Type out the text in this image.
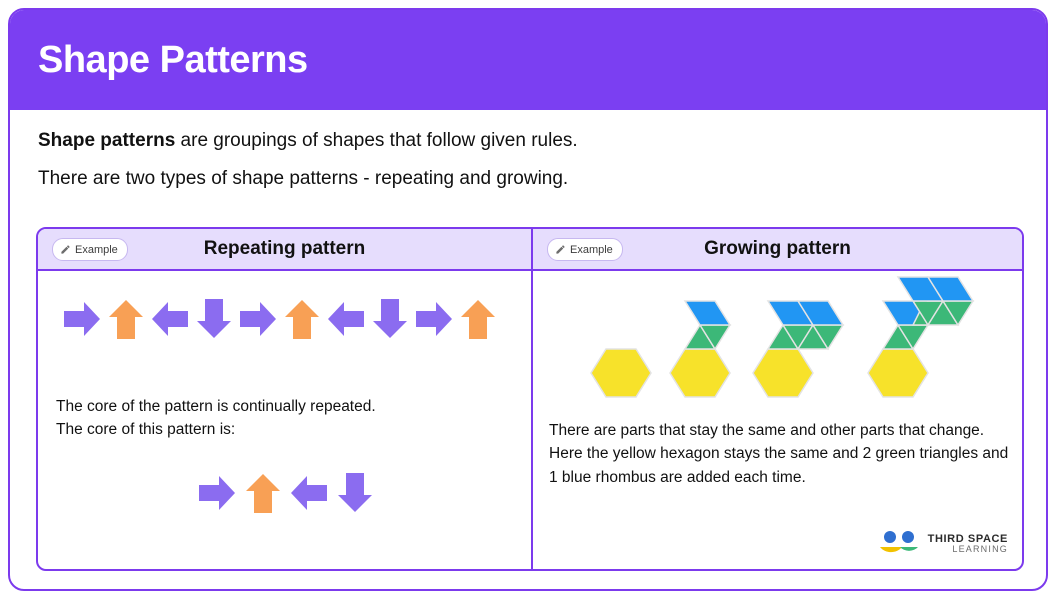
Shape Patterns

Shape patterns are groupings of shapes that follow given rules.

There are two types of shape patterns - repeating and growing.

Example	Repeating pattern
The core of the pattern is continually repeated.
The core of this pattern is:
Example	Growing pattern
There are parts that stay the same and other parts that change.
Here the yellow hexagon stays the same and 2 green triangles and 1 blue rhombus are added each time.
THIRD SPACE
LEARNING
